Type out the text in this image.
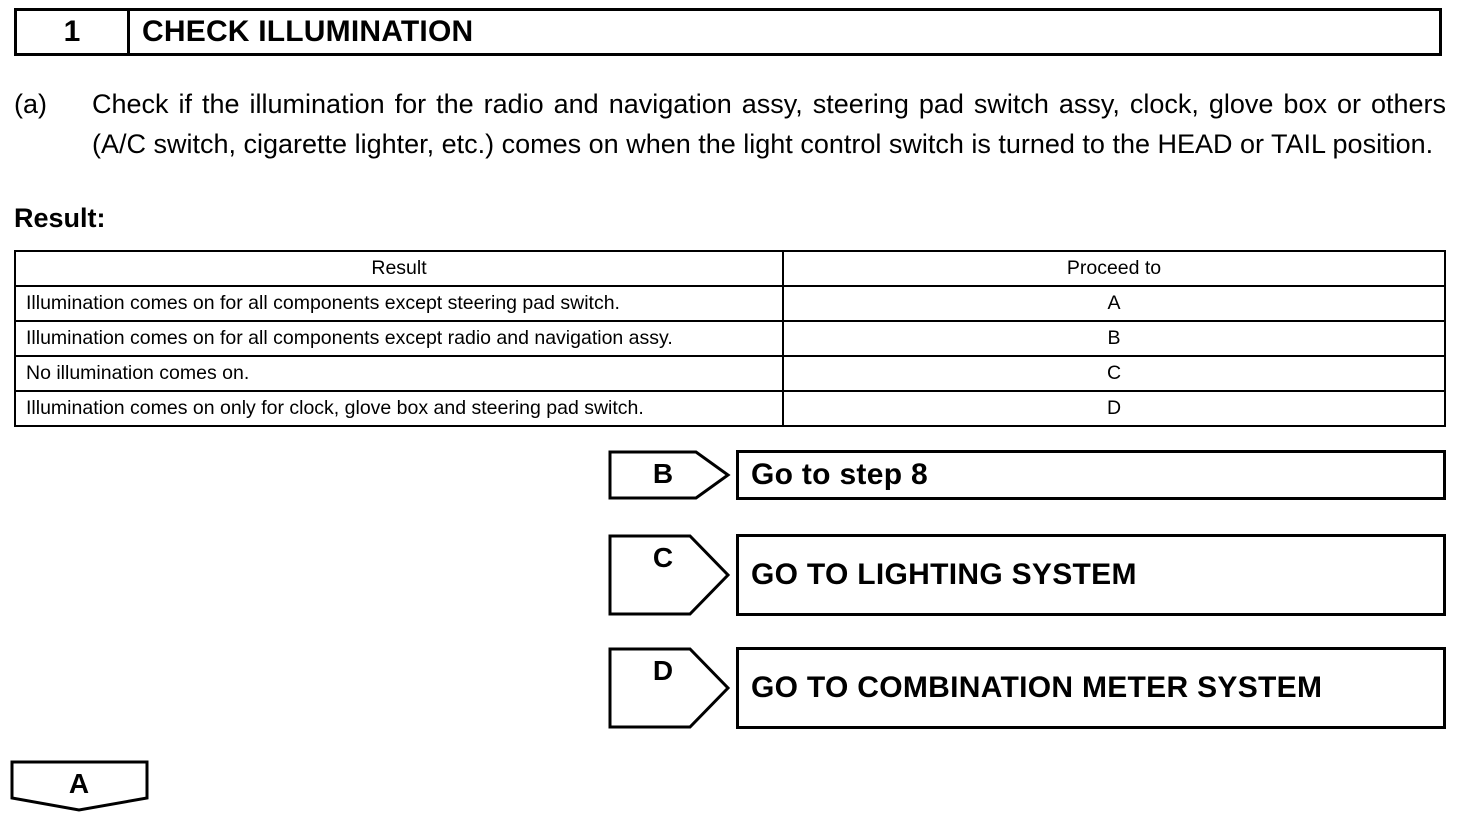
1	CHECK ILLUMINATION
(a) Check if the illumination for the radio and navigation assy, steering pad switch assy, clock, glove box or others (A/C switch, cigarette lighter, etc.) comes on when the light control switch is turned to the HEAD or TAIL position.
Result:
Result	Proceed to
Illumination comes on for all components except steering pad switch.	A
Illumination comes on for all components except radio and navigation assy.	B
No illumination comes on.	C
Illumination comes on only for clock, glove box and steering pad switch.	D
B	Go to step 8
C
GO TO LIGHTING SYSTEM
D
GO TO COMBINATION METER SYSTEM
A
